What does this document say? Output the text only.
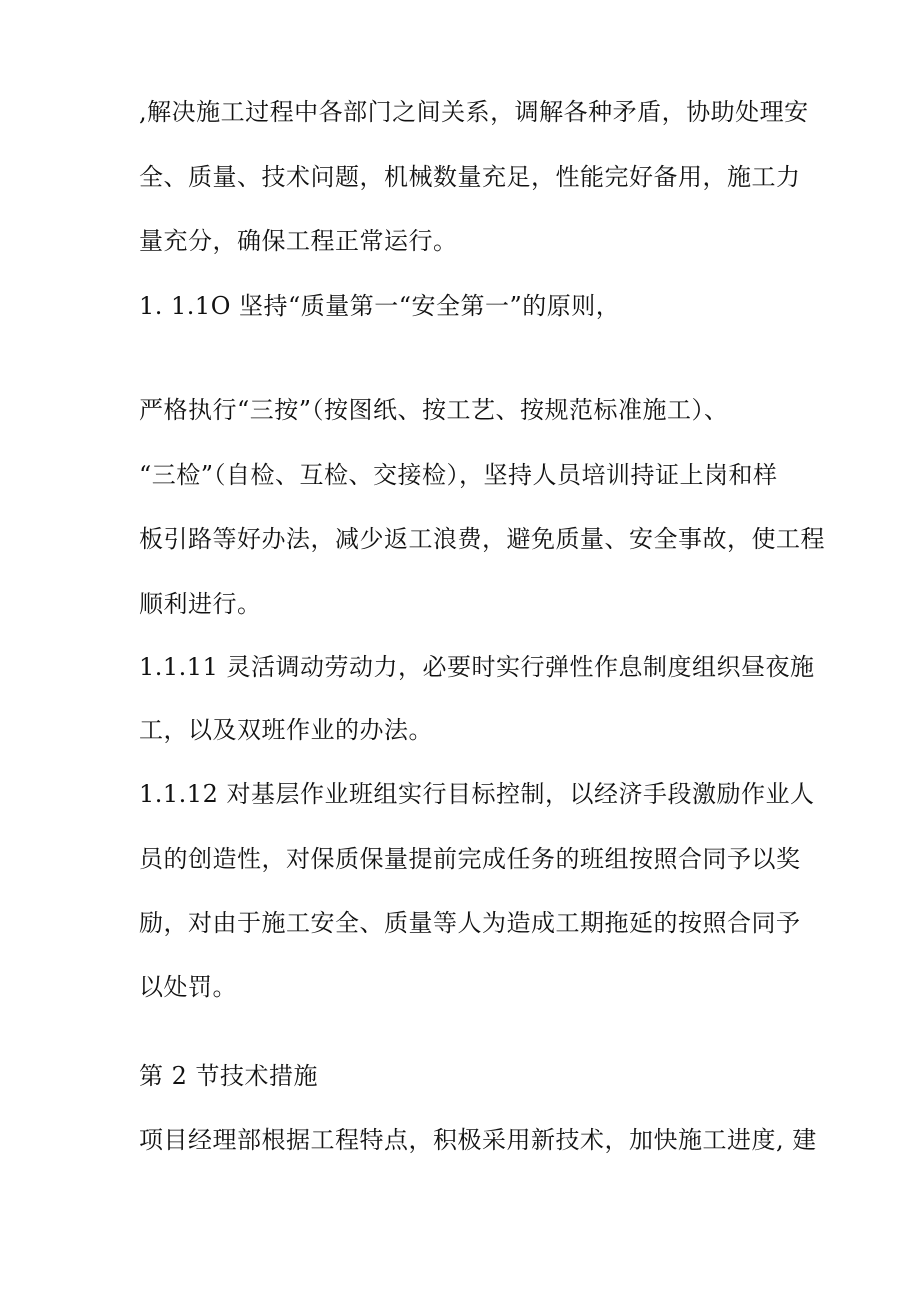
,解决施工过程中各部门之间关系，调解各种矛盾，协助处理安
全、质量、技术问题，机械数量充足，性能完好备用，施工力
量充分，确保工程正常运行。
1. 1.1O 坚持“质量第一“安全第一”的原则，
严格执行“三按”（按图纸、按工艺、按规范标准施工）、
“三检”（自检、互检、交接检），坚持人员培训持证上岗和样
板引路等好办法，减少返工浪费，避免质量、安全事故，使工程
顺利进行。
1.1.11 灵活调动劳动力，必要时实行弹性作息制度组织昼夜施
工，以及双班作业的办法。
1.1.12 对基层作业班组实行目标控制，以经济手段激励作业人
员的创造性，对保质保量提前完成任务的班组按照合同予以奖
励，对由于施工安全、质量等人为造成工期拖延的按照合同予
以处罚。
第 2 节技术措施
项目经理部根据工程特点，积极采用新技术，加快施工进度, 建
